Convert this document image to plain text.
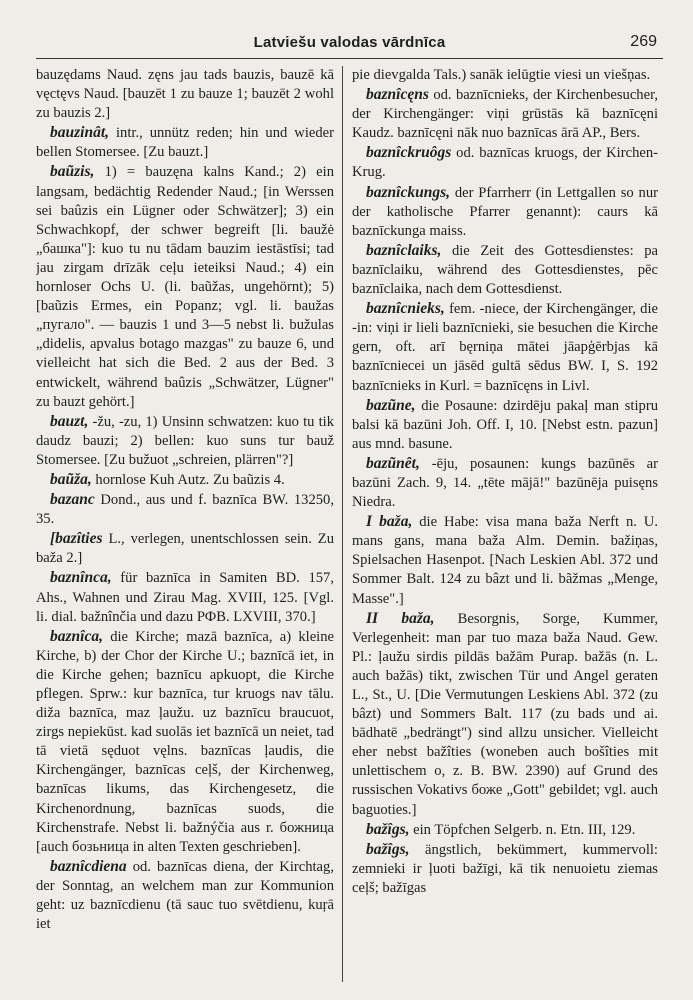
Latviešu valodas vārdnīca	269

bauzędams Naud. zęns jau tads bauzis, bauzē kā vęctęvs Naud. [bauzēt 1 zu bauze 1; bauzēt 2 wohl zu bauzis 2.]

bauzinât, intr., unnütz reden; hin und wieder bellen Stomersee. [Zu bauzt.]

baũzis, 1) = bauzęna kalns Kand.; 2) ein langsam, bedächtig Redender Naud.; [in Werssen sei baûzis ein Lügner oder Schwätzer]; 3) ein Schwachkopf, der schwer begreift [li. baužė „башка"]: kuo tu nu tādam bauzim iestāstīsi; tad jau zirgam drīzāk ceļu ieteiksi Naud.; 4) ein hornloser Ochs U. (li. baũžas, ungehörnt); 5) [baũzis Ermes, ein Popanz; vgl. li. baužas „пугало". — bauzis 1 und 3—5 nebst li. bužulas „didelis, apvalus botago mazgas" zu bauze 6, und vielleicht hat sich die Bed. 2 aus der Bed. 3 entwickelt, während baûzis „Schwätzer, Lügner" zu bauzt gehört.]

bauzt, -žu, -zu, 1) Unsinn schwatzen: kuo tu tik daudz bauzi; 2) bellen: kuo suns tur bauž Stomersee. [Zu bužuot „schreien, plärren"?]

baũža, hornlose Kuh Autz. Zu baũzis 4.

bazanc Dond., aus und f. baznīca BW. 13250, 35.

[bazîties L., verlegen, unentschlossen sein. Zu baža 2.]

baznînca, für baznīca in Samiten BD. 157, Ahs., Wahnen und Zirau Mag. XVIII, 125. [Vgl. li. dial. bažnînčia und dazu РФВ. LXVIII, 370.]

baznîca, die Kirche; mazā baznīca, a) kleine Kirche, b) der Chor der Kirche U.; baznīcā iet, in die Kirche gehen; baznīcu apkuopt, die Kirche pflegen. Sprw.: kur baznīca, tur kruogs nav tālu. diža baznīca, maz ļaužu. uz baznīcu braucuot, zirgs nepiekūst. kad suolās iet baznīcā un neiet, tad tā vietā sęduot vęlns. baznīcas ļaudis, die Kirchengänger, baznīcas ceļš, der Kirchenweg, baznīcas likums, das Kirchengesetz, die Kirchenordnung, baznīcas suods, die Kirchenstrafe. Nebst li. bažnýčia aus r. божница [auch бозьница in alten Texten geschrieben].

baznîcdiena od. baznīcas diena, der Kirchtag, der Sonntag, an welchem man zur Kommunion geht: uz baznīcdienu (tā sauc tuo svētdienu, kuŗā iet

pie dievgalda Tals.) sanāk ielūgtie viesi un viešņas.

baznîcęns od. baznīcnieks, der Kirchenbesucher, der Kirchengänger: viņi grūstās kā baznīcęni Kaudz. baznīcęni nāk nuo baznīcas ārā AP., Bers.

baznîckruôgs od. baznīcas kruogs, der Kirchen-Krug.

baznîckungs, der Pfarrherr (in Lettgallen so nur der katholische Pfarrer genannt): caurs kā baznīckunga maiss.

baznîclaiks, die Zeit des Gottesdienstes: pa baznīclaiku, während des Gottesdienstes, pēc baznīclaika, nach dem Gottesdienst.

baznîcnieks, fem. -niece, der Kirchengänger, die -in: viņi ir lieli baznīcnieki, sie besuchen die Kirche gern, oft. arī bęrniņa mātei jāapģērbjas kā baznīcniecei un jāsēd gultā sēdus BW. I, S. 192 baznīcnieks in Kurl. = baznīcęns in Livl.

bazũne, die Posaune: dzirdēju pakaļ man stipru balsi kā bazūni Joh. Off. I, 10. [Nebst estn. pazun] aus mnd. basune.

bazũnêt, -ēju, posaunen: kungs bazūnēs ar bazūni Zach. 9, 14. „tēte mājā!" bazūnēja puisęns Niedra.

I baža, die Habe: visa mana baža Nerft n. U. mans gans, mana baža Alm. Demin. bažiņas, Spielsachen Hasenpot. [Nach Leskien Abl. 372 und Sommer Balt. 124 zu bâzt und li. bãžmas „Menge, Masse".]

II baža, Besorgnis, Sorge, Kummer, Verlegenheit: man par tuo maza baža Naud. Gew. Pl.: ļaužu sirdis pildās bažām Purap. bažās (n. L. auch bažās) tikt, zwischen Tür und Angel geraten L., St., U. [Die Vermutungen Leskiens Abl. 372 (zu bâzt) und Sommers Balt. 117 (zu bads und ai. bādhatē „bedrängt") sind allzu unsicher. Vielleicht eher nebst bažîties (woneben auch bošîties mit unlettischem o, z. B. BW. 2390) auf Grund des russischen Vokativs божe „Gott" gebildet; vgl. auch baguoties.]

bažîgs, ein Töpfchen Selgerb. n. Etn. III, 129.

bažîgs, ängstlich, bekümmert, kummervoll: zemnieki ir ļuoti bažīgi, kā tik nenuoietu ziemas ceļš; bažīgas
